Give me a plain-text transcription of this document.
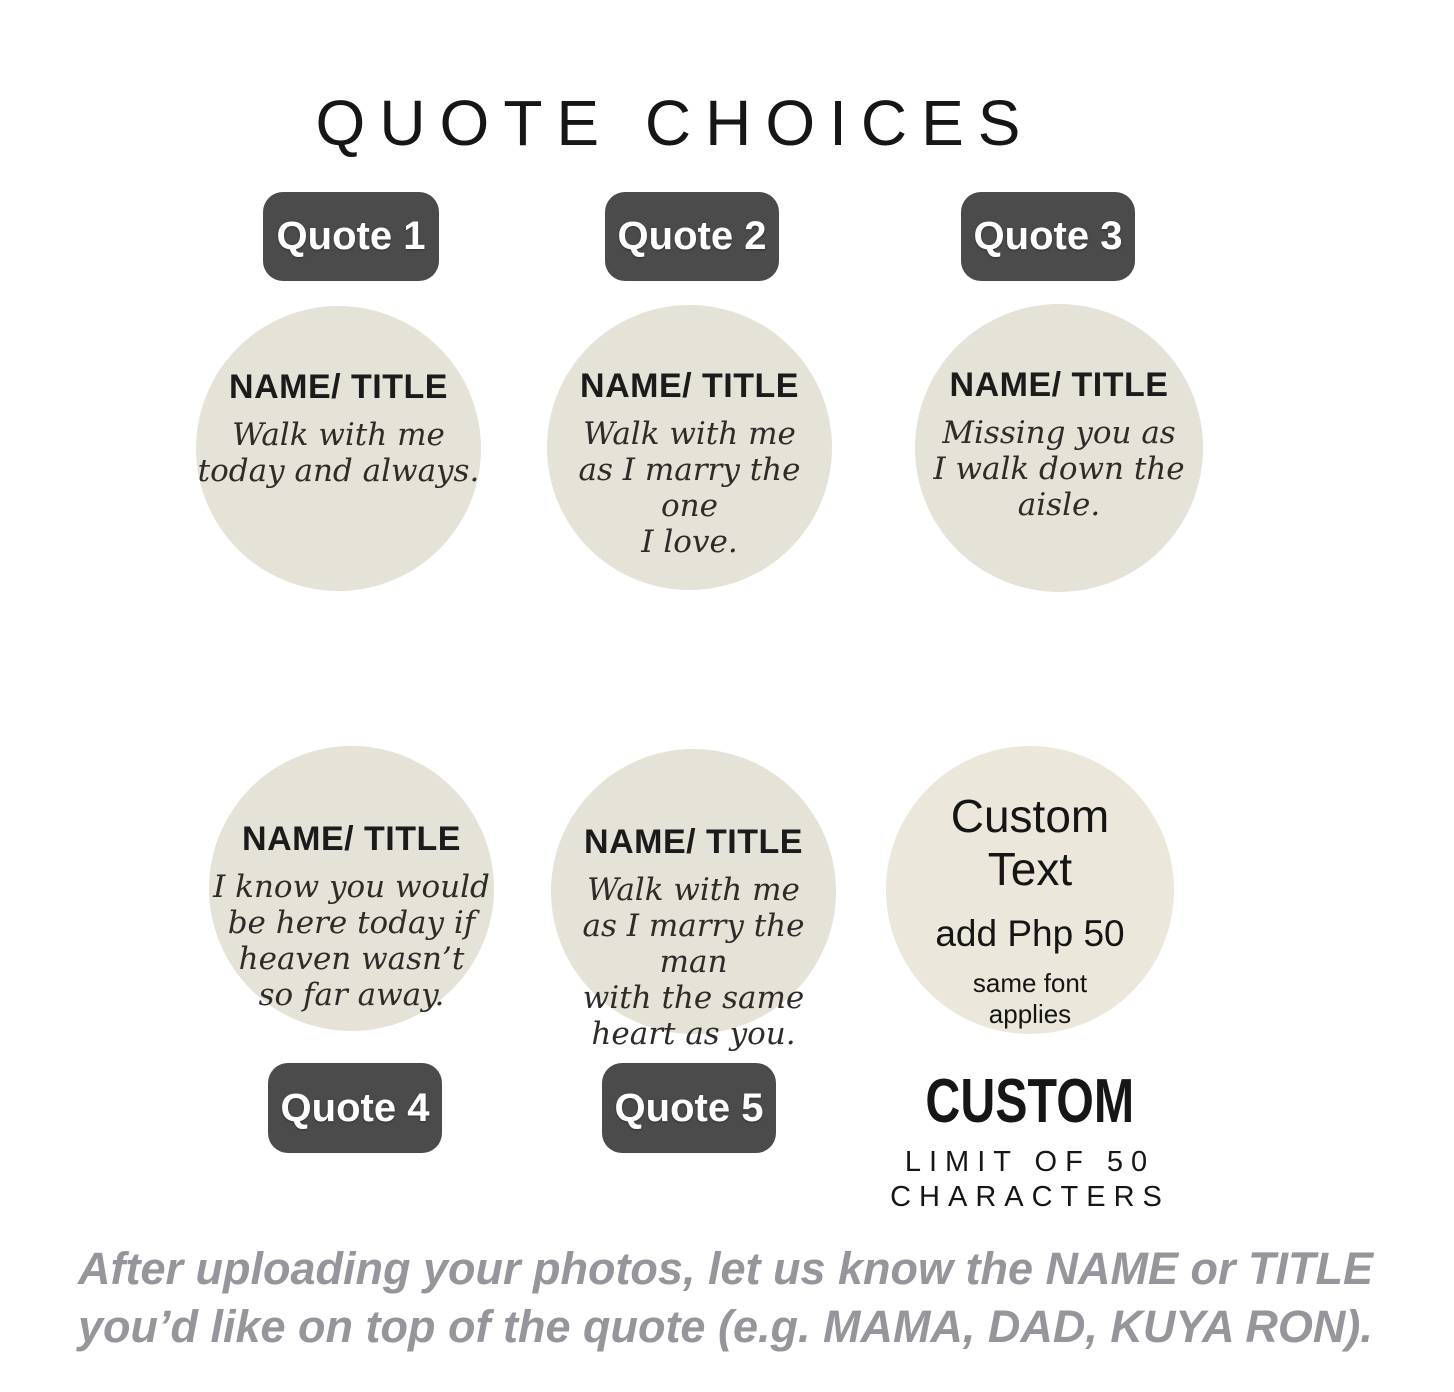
QUOTE CHOICES
Quote 1	Quote 2	Quote 3
NAME/ TITLE
Walk with me
today and always.
NAME/ TITLE
Walk with me
as I marry the one
I love.
NAME/ TITLE
Missing you as
I walk down the aisle.
NAME/ TITLE
I know you would
be here today if
heaven wasn’t
so far away.
NAME/ TITLE
Walk with me
as I marry the man
with the same
heart as you.
Custom
Text
add Php 50
same font
applies
Quote 4	Quote 5	CUSTOM
LIMIT OF 50
CHARACTERS
After uploading your photos, let us know the NAME or TITLE
you’d like on top of the quote (e.g. MAMA, DAD, KUYA RON).
